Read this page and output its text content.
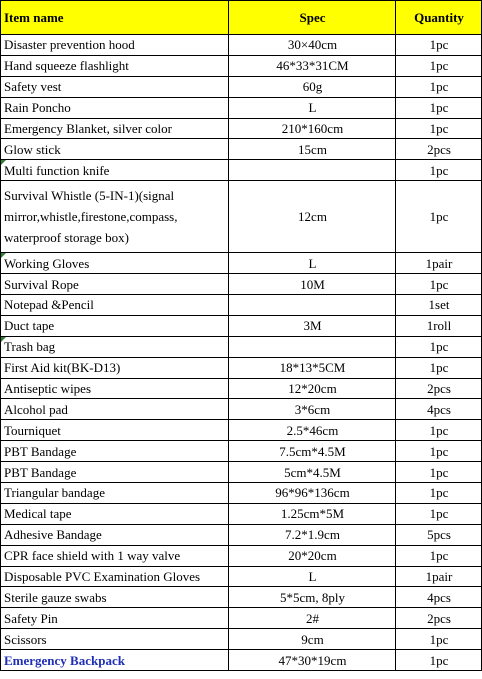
Item name	Spec	Quantity
Disaster prevention hood	30×40cm	1pc
Hand squeeze flashlight	46*33*31CM	1pc
Safety vest	60g	1pc
Rain Poncho	L	1pc
Emergency Blanket, silver color	210*160cm	1pc
Glow stick	15cm	2pcs

Multi function knife		1pc
Survival Whistle (5-IN-1)(signal mirror,whistle,firestone,compass, waterproof storage box)	12cm	1pc

Working Gloves	L	1pair
Survival Rope	10M	1pc
Notepad &Pencil		1set
Duct tape	3M	1roll

Trash bag		1pc
First Aid kit(BK-D13)	18*13*5CM	1pc
Antiseptic wipes	12*20cm	2pcs
Alcohol pad	3*6cm	4pcs
Tourniquet	2.5*46cm	1pc
PBT Bandage	7.5cm*4.5M	1pc
PBT Bandage	5cm*4.5M	1pc
Triangular bandage	96*96*136cm	1pc
Medical tape	1.25cm*5M	1pc
Adhesive Bandage	7.2*1.9cm	5pcs
CPR face shield with 1 way valve	20*20cm	1pc
Disposable PVC Examination Gloves	L	1pair
Sterile gauze swabs	5*5cm, 8ply	4pcs
Safety Pin	2#	2pcs
Scissors	9cm	1pc
Emergency Backpack	47*30*19cm	1pc
